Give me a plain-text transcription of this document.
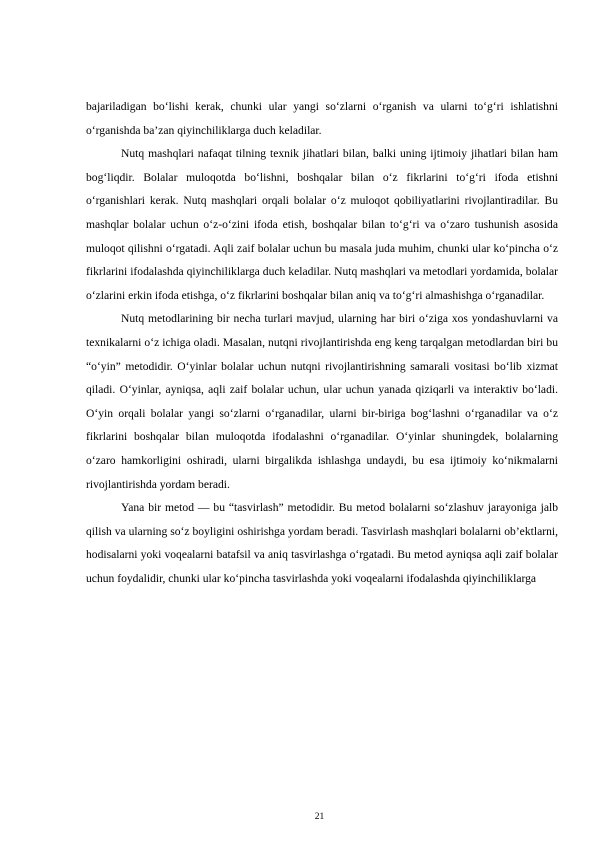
bajariladigan bo‘lishi kerak, chunki ular yangi so‘zlarni o‘rganish va ularni to‘g‘ri ishlatishni o‘rganishda ba’zan qiyinchiliklarga duch keladilar.

Nutq mashqlari nafaqat tilning texnik jihatlari bilan, balki uning ijtimoiy jihatlari bilan ham bog‘liqdir. Bolalar muloqotda bo‘lishni, boshqalar bilan o‘z fikrlarini to‘g‘ri ifoda etishni o‘rganishlari kerak. Nutq mashqlari orqali bolalar o‘z muloqot qobiliyatlarini rivojlantiradilar. Bu mashqlar bolalar uchun o‘z-o‘zini ifoda etish, boshqalar bilan to‘g‘ri va o‘zaro tushunish asosida muloqot qilishni o‘rgatadi. Aqli zaif bolalar uchun bu masala juda muhim, chunki ular ko‘pincha o‘z fikrlarini ifodalashda qiyinchiliklarga duch keladilar. Nutq mashqlari va metodlari yordamida, bolalar o‘zlarini erkin ifoda etishga, o‘z fikrlarini boshqalar bilan aniq va to‘g‘ri almashishga o‘rganadilar.

Nutq metodlarining bir necha turlari mavjud, ularning har biri o‘ziga xos yondashuvlarni va texnikalarni o‘z ichiga oladi. Masalan, nutqni rivojlantirishda eng keng tarqalgan metodlardan biri bu “o‘yin” metodidir. O‘yinlar bolalar uchun nutqni rivojlantirishning samarali vositasi bo‘lib xizmat qiladi. O‘yinlar, ayniqsa, aqli zaif bolalar uchun, ular uchun yanada qiziqarli va interaktiv bo‘ladi. O‘yin orqali bolalar yangi so‘zlarni o‘rganadilar, ularni bir-biriga bog‘lashni o‘rganadilar va o‘z fikrlarini boshqalar bilan muloqotda ifodalashni o‘rganadilar. O‘yinlar shuningdek, bolalarning o‘zaro hamkorligini oshiradi, ularni birgalikda ishlashga undaydi, bu esa ijtimoiy ko‘nikmalarni rivojlantirishda yordam beradi.

Yana bir metod — bu “tasvirlash” metodidir. Bu metod bolalarni so‘zlashuv jarayoniga jalb qilish va ularning so‘z boyligini oshirishga yordam beradi. Tasvirlash mashqlari bolalarni ob’ektlarni, hodisalarni yoki voqealarni batafsil va aniq tasvirlashga o‘rgatadi. Bu metod ayniqsa aqli zaif bolalar uchun foydalidir, chunki ular ko‘pincha tasvirlashda yoki voqealarni ifodalashda qiyinchiliklarga

21
